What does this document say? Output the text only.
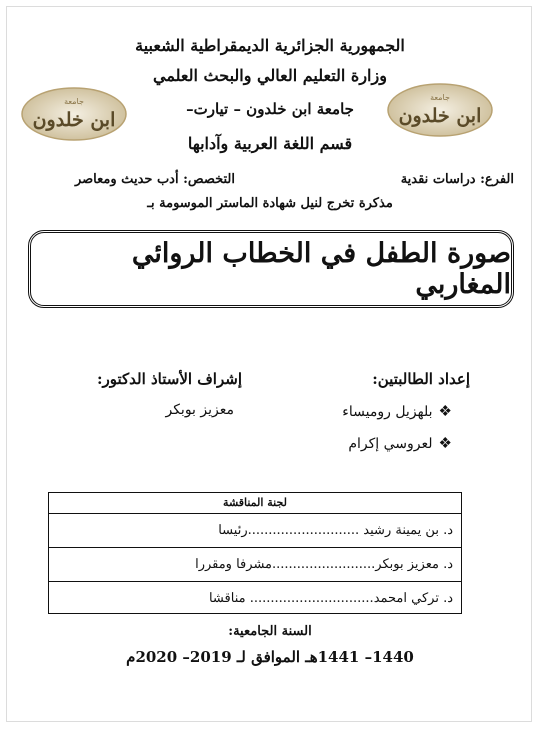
الجمهورية الجزائرية الديمقراطية الشعبية
وزارة التعليم العالي والبحث العلمي
جامعة ابن خلدون – تيارت–
قسم اللغة العربية وآدابها
جامعة
ابن خلدون
جامعة
ابن خلدون
الفرع: دراسات نقدية
التخصص: أدب حديث ومعاصر
مذكرة تخرج لنيل شهادة الماستر الموسومة بـ
صورة الطفل في الخطاب الروائي المغاربي
إعداد الطالبتين:
❖بلهزيل روميساء
❖لعروسي إكرام
إشراف الأستاذ الدكتور:
معزيز بوبكر
لجنة المناقشة
د. بن يمينة رشيد ...........................رئيسا
د. معزيز بوبكر.........................مشرفا ومقررا
د. تركي امحمد.............................. مناقشا
السنة الجامعية:
1440– 1441هـ الموافق لـ 2019– 2020م
